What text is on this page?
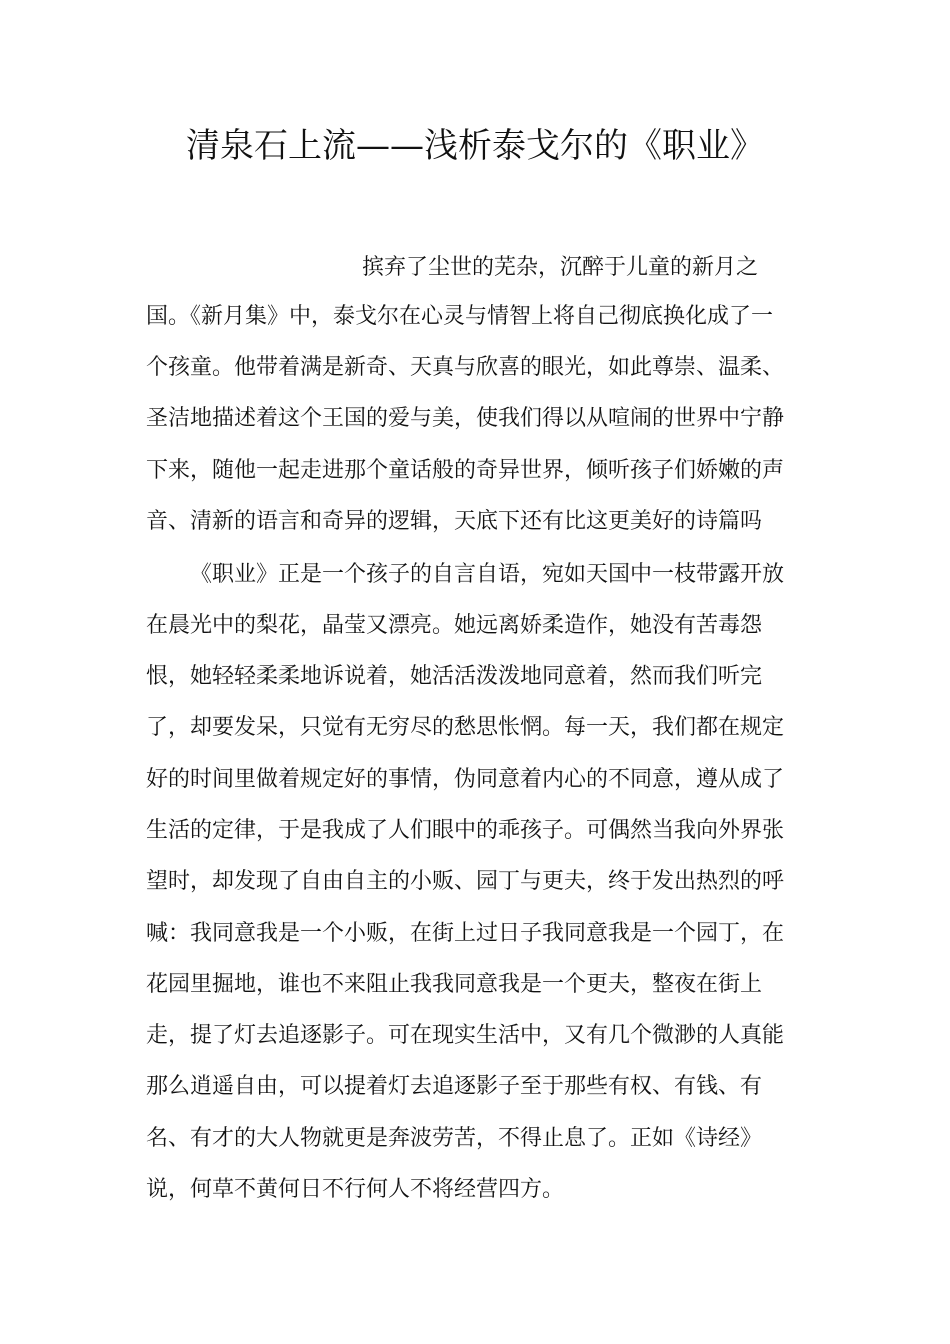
清泉石上流——浅析泰戈尔的《职业》
摈弃了尘世的芜杂，沉醉于儿童的新月之
国。《新月集》中，泰戈尔在心灵与情智上将自己彻底换化成了一
个孩童。他带着满是新奇、天真与欣喜的眼光，如此尊崇、温柔、
圣洁地描述着这个王国的爱与美，使我们得以从喧闹的世界中宁静
下来，随他一起走进那个童话般的奇异世界，倾听孩子们娇嫩的声
音、清新的语言和奇异的逻辑，天底下还有比这更美好的诗篇吗
《职业》正是一个孩子的自言自语，宛如天国中一枝带露开放
在晨光中的梨花，晶莹又漂亮。她远离娇柔造作，她没有苦毒怨
恨，她轻轻柔柔地诉说着，她活活泼泼地同意着，然而我们听完
了，却要发呆，只觉有无穷尽的愁思怅惘。每一天，我们都在规定
好的时间里做着规定好的事情，伪同意着内心的不同意，遵从成了
生活的定律，于是我成了人们眼中的乖孩子。可偶然当我向外界张
望时，却发现了自由自主的小贩、园丁与更夫，终于发出热烈的呼
喊：我同意我是一个小贩，在街上过日子我同意我是一个园丁，在
花园里掘地，谁也不来阻止我我同意我是一个更夫，整夜在街上
走，提了灯去追逐影子。可在现实生活中，又有几个微渺的人真能
那么逍遥自由，可以提着灯去追逐影子至于那些有权、有钱、有
名、有才的大人物就更是奔波劳苦，不得止息了。正如《诗经》
说，何草不黄何日不行何人不将经营四方。
